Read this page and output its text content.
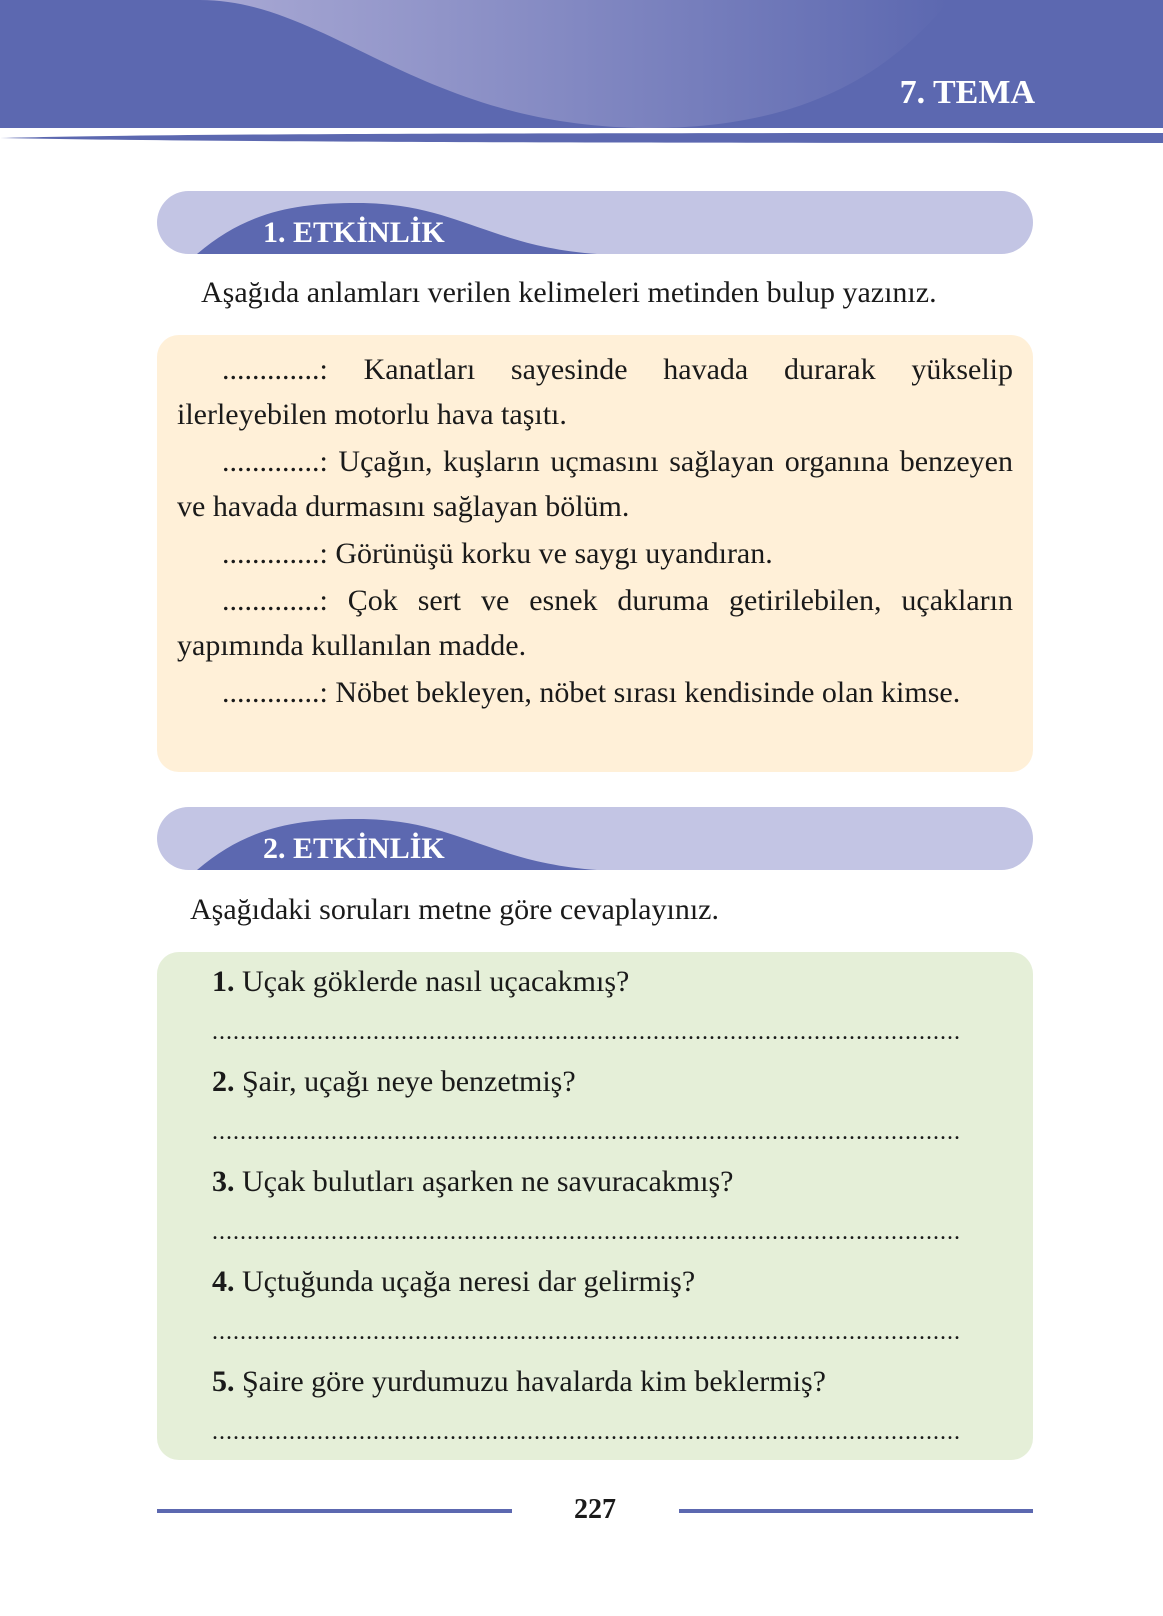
7. TEMA
1. ETKİNLİK
Aşağıda anlamları verilen kelimeleri metinden bulup yazınız.
.............: Kanatları sayesinde havada durarak yükselip ilerleyebilen motorlu hava taşıtı.
.............: Uçağın, kuşların uçmasını sağlayan organına benzeyen ve havada durmasını sağlayan bölüm.
.............: Görünüşü korku ve saygı uyandıran.
.............: Çok sert ve esnek duruma getirilebilen, uçakların yapımında kullanılan madde.
.............: Nöbet bekleyen, nöbet sırası kendisinde olan kimse.
2. ETKİNLİK
Aşağıdaki soruları metne göre cevaplayınız.
1. Uçak göklerde nasıl uçacakmış?
...........................................................................................................
2. Şair, uçağı neye benzetmiş?
...........................................................................................................
3. Uçak bulutları aşarken ne savuracakmış?
...........................................................................................................
4. Uçtuğunda uçağa neresi dar gelirmiş?
...........................................................................................................
5. Şaire göre yurdumuzu havalarda kim beklermiş?
...........................................................................................................
227
